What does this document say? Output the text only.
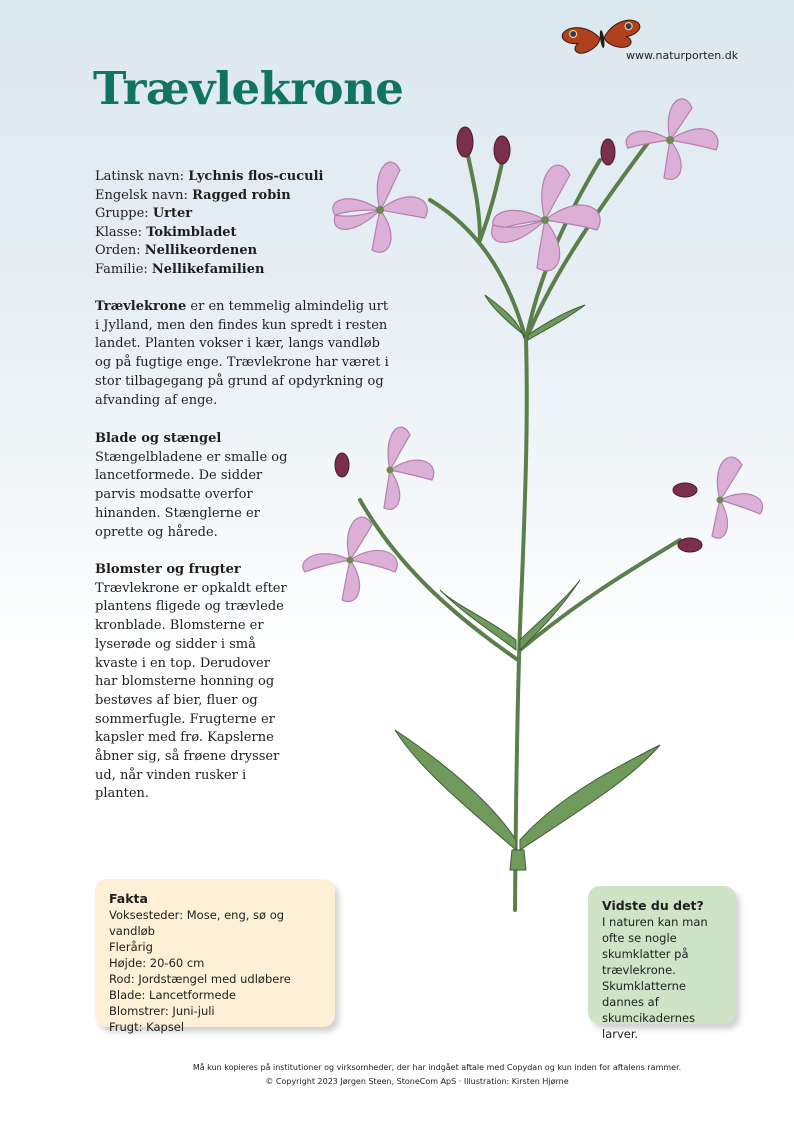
www.naturporten.dk
Trævlekrone
Latinsk navn: Lychnis flos-cuculi
Engelsk navn: Ragged robin
Gruppe: Urter
Klasse: Tokimbladet
Orden: Nellikeordenen
Familie: Nellikefamilien

Trævlekrone er en temmelig almindelig urt i Jylland, men den findes kun spredt i resten landet. Planten vokser i kær, langs vandløb og på fugtige enge. Trævlekrone har været i stor tilbagegang på grund af opdyrkning og afvanding af enge.

Blade og stængel
Stængelbladene er smalle og lancetformede. De sidder parvis modsatte overfor hinanden. Stænglerne er oprette og hårede.
Blomster og frugter
Trævlekrone er opkaldt efter plantens fligede og trævlede kronblade. Blomsterne er lyserøde og sidder i små kvaste i en top. Derudover har blomsterne honning og bestøves af bier, fluer og sommerfugle. Frugterne er kapsler med frø. Kapslerne åbner sig, så frøene drysser ud, når vinden rusker i planten.
Fakta
Voksesteder: Mose, eng, sø og vandløb
Flerårig
Højde: 20-60 cm
Rod: Jordstængel med udløbere
Blade: Lancetformede
Blomstrer: Juni-juli
Frugt: Kapsel
Vidste du det?
I naturen kan man ofte se nogle skumklatter på trævlekrone. Skumklatterne dannes af skumcikadernes larver.
Må kun kopieres på institutioner og virksomheder, der har indgået aftale med Copydan og kun inden for aftalens rammer.
© Copyright 2023 Jørgen Steen, StoneCom ApS · Illustration: Kirsten Hjørne
